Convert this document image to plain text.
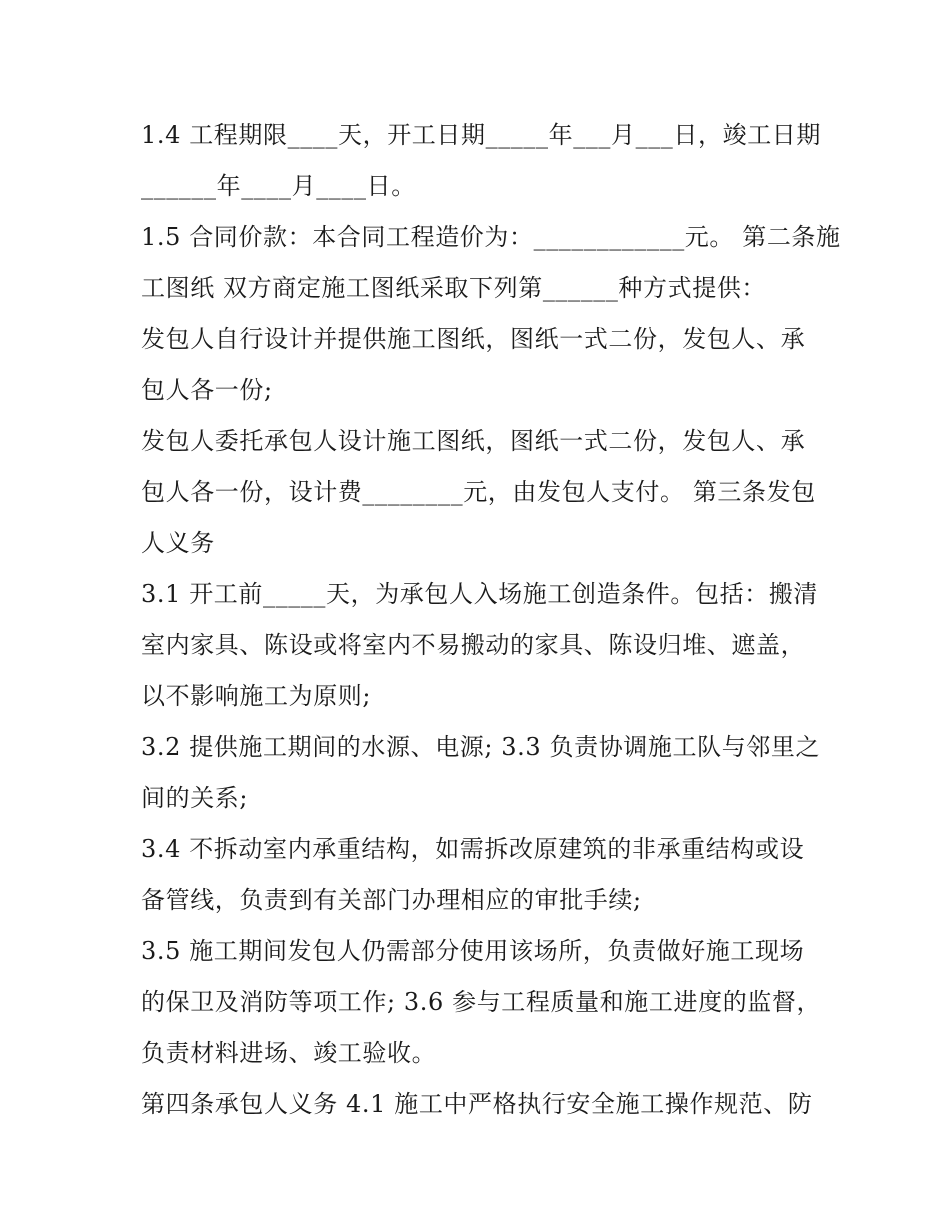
1.4 工程期限____天，开工日期_____年___月___日，竣工日期
______年____月____日。
1.5 合同价款：本合同工程造价为：____________元。 第二条施
工图纸 双方商定施工图纸采取下列第______种方式提供：
发包人自行设计并提供施工图纸，图纸一式二份，发包人、承
包人各一份;
发包人委托承包人设计施工图纸，图纸一式二份，发包人、承
包人各一份，设计费________元，由发包人支付。 第三条发包
人义务
3.1 开工前_____天，为承包人入场施工创造条件。包括：搬清
室内家具、陈设或将室内不易搬动的家具、陈设归堆、遮盖，
以不影响施工为原则;
3.2 提供施工期间的水源、电源; 3.3 负责协调施工队与邻里之
间的关系;
3.4 不拆动室内承重结构，如需拆改原建筑的非承重结构或设
备管线，负责到有关部门办理相应的审批手续;
3.5 施工期间发包人仍需部分使用该场所，负责做好施工现场
的保卫及消防等项工作; 3.6 参与工程质量和施工进度的监督，
负责材料进场、竣工验收。
第四条承包人义务 4.1 施工中严格执行安全施工操作规范、防
